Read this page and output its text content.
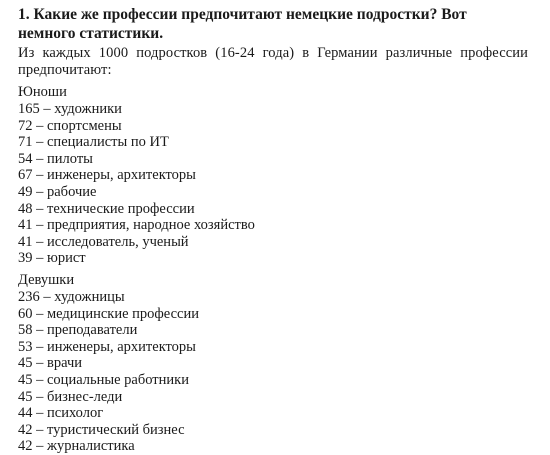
1. Какие же профессии предпочитают немецкие подростки? Вот немного статистики.

Из каждых 1000 подростков (16-24 года) в Германии различные профессии предпочитают:

Юноши

165 – художники
72 – спортсмены
71 – специалисты по ИТ
54 – пилоты
67 – инженеры, архитекторы
49 – рабочие
48 – технические профессии
41 – предприятия, народное хозяйство
41 – исследователь, ученый
39 – юрист

Девушки

236 – художницы
60 – медицинские профессии
58 – преподаватели
53 – инженеры, архитекторы
45 – врачи
45 – социальные работники
45 – бизнес-леди
44 – психолог
42 – туристический бизнес
42 – журналистика
